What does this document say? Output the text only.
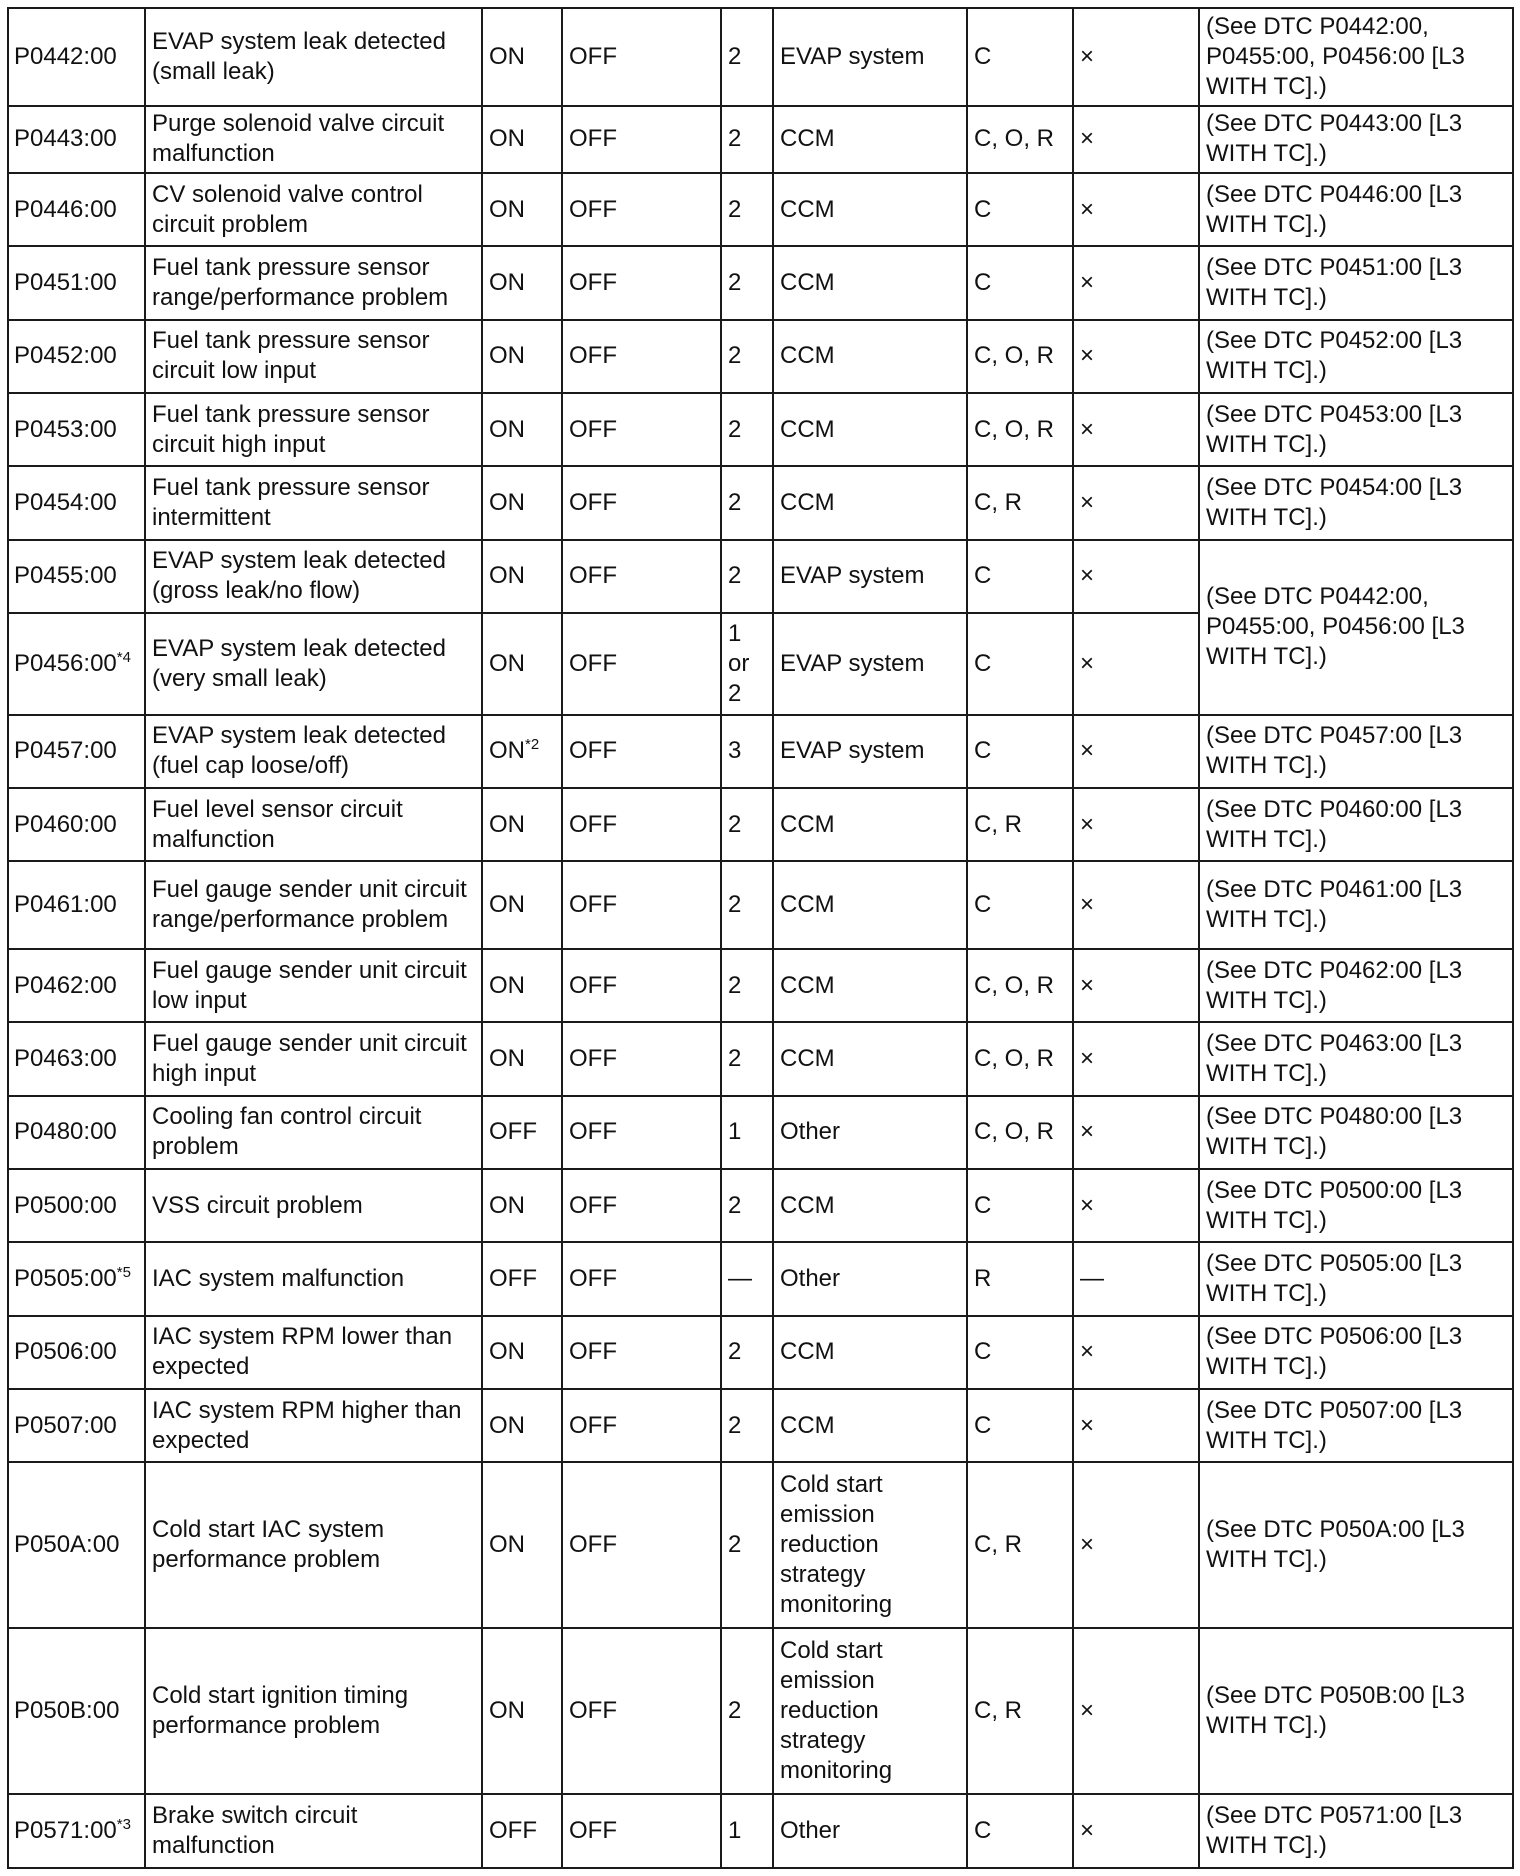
P0442:00	EVAP system leak detected (small leak)	ON	OFF	2	EVAP system	C	×	(See DTC P0442:00, P0455:00, P0456:00 [L3 WITH TC].)
P0443:00	Purge solenoid valve circuit malfunction	ON	OFF	2	CCM	C, O, R	×	(See DTC P0443:00 [L3 WITH TC].)
P0446:00	CV solenoid valve control circuit problem	ON	OFF	2	CCM	C	×	(See DTC P0446:00 [L3 WITH TC].)
P0451:00	Fuel tank pressure sensor range/performance problem	ON	OFF	2	CCM	C	×	(See DTC P0451:00 [L3 WITH TC].)
P0452:00	Fuel tank pressure sensor circuit low input	ON	OFF	2	CCM	C, O, R	×	(See DTC P0452:00 [L3 WITH TC].)
P0453:00	Fuel tank pressure sensor circuit high input	ON	OFF	2	CCM	C, O, R	×	(See DTC P0453:00 [L3 WITH TC].)
P0454:00	Fuel tank pressure sensor intermittent	ON	OFF	2	CCM	C, R	×	(See DTC P0454:00 [L3 WITH TC].)
P0455:00	EVAP system leak detected (gross leak/no flow)	ON	OFF	2	EVAP system	C	×	(See DTC P0442:00, P0455:00, P0456:00 [L3 WITH TC].)
P0456:00$^{*4}$	EVAP system leak detected (very small leak)	ON	OFF	1 or 2	EVAP system	C	×	
P0457:00	EVAP system leak detected (fuel cap loose/off)	ON$^{*2}$	OFF	3	EVAP system	C	×	(See DTC P0457:00 [L3 WITH TC].)
P0460:00	Fuel level sensor circuit malfunction	ON	OFF	2	CCM	C, R	×	(See DTC P0460:00 [L3 WITH TC].)
P0461:00	Fuel gauge sender unit circuit range/performance problem	ON	OFF	2	CCM	C	×	(See DTC P0461:00 [L3 WITH TC].)
P0462:00	Fuel gauge sender unit circuit low input	ON	OFF	2	CCM	C, O, R	×	(See DTC P0462:00 [L3 WITH TC].)
P0463:00	Fuel gauge sender unit circuit high input	ON	OFF	2	CCM	C, O, R	×	(See DTC P0463:00 [L3 WITH TC].)
P0480:00	Cooling fan control circuit problem	OFF	OFF	1	Other	C, O, R	×	(See DTC P0480:00 [L3 WITH TC].)
P0500:00	VSS circuit problem	ON	OFF	2	CCM	C	×	(See DTC P0500:00 [L3 WITH TC].)
P0505:00$^{*5}$	IAC system malfunction	OFF	OFF	—	Other	R	—	(See DTC P0505:00 [L3 WITH TC].)
P0506:00	IAC system RPM lower than expected	ON	OFF	2	CCM	C	×	(See DTC P0506:00 [L3 WITH TC].)
P0507:00	IAC system RPM higher than expected	ON	OFF	2	CCM	C	×	(See DTC P0507:00 [L3 WITH TC].)
P050A:00	Cold start IAC system performance problem	ON	OFF	2	Cold start emission reduction strategy monitoring	C, R	×	(See DTC P050A:00 [L3 WITH TC].)
P050B:00	Cold start ignition timing performance problem	ON	OFF	2	Cold start emission reduction strategy monitoring	C, R	×	(See DTC P050B:00 [L3 WITH TC].)
P0571:00$^{*3}$	Brake switch circuit malfunction	OFF	OFF	1	Other	C	×	(See DTC P0571:00 [L3 WITH TC].)
